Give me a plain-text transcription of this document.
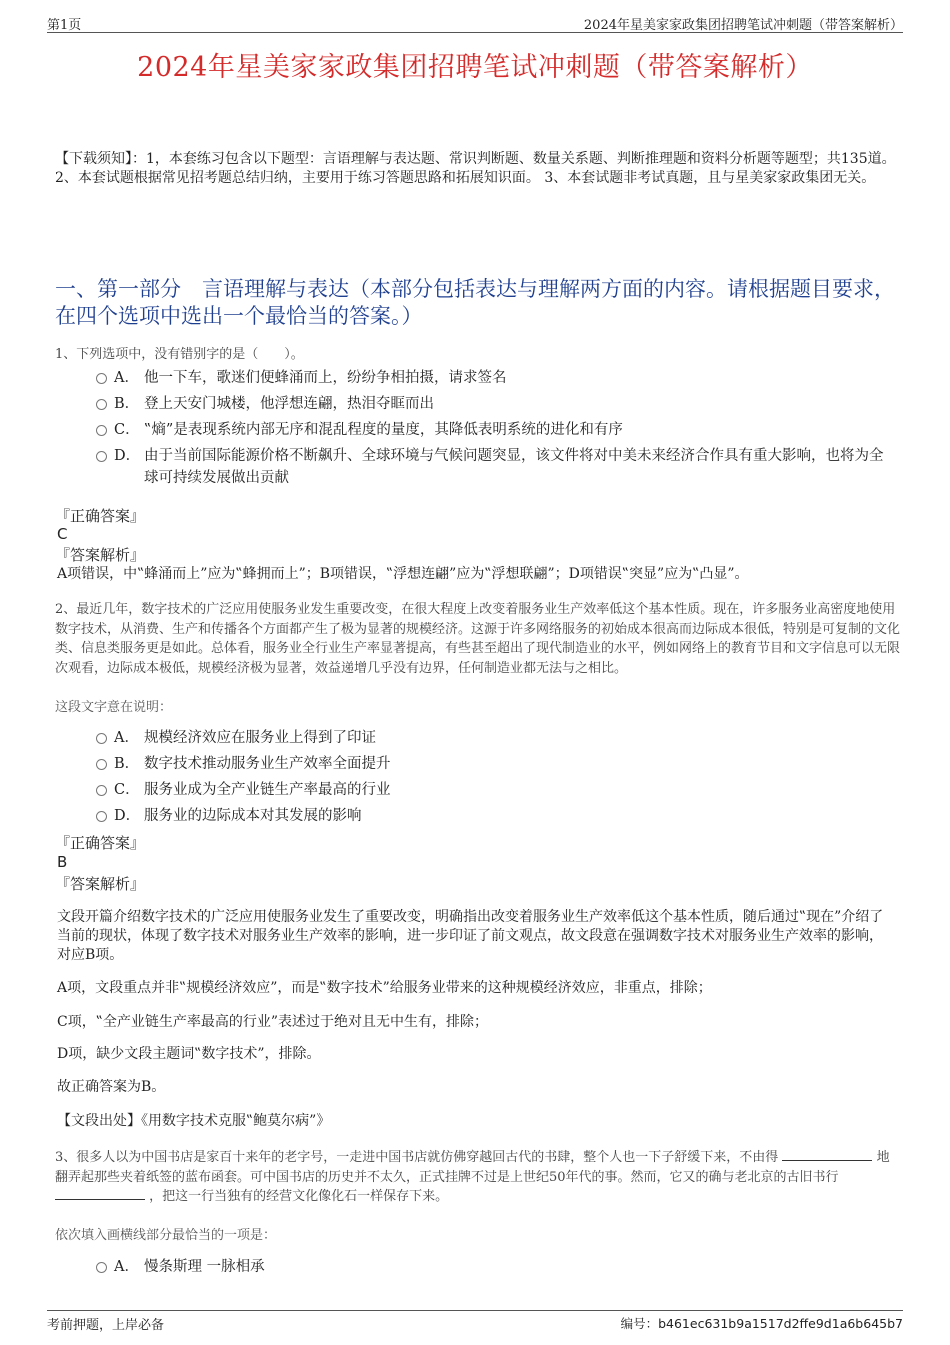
第1页	2024年星美家家政集团招聘笔试冲刺题（带答案解析）
2024年星美家家政集团招聘笔试冲刺题（带答案解析）
【下载须知】：1，本套练习包含以下题型：言语理解与表达题、常识判断题、数量关系题、判断推理题和资料分析题等题型；共135道。 2、本套试题根据常见招考题总结归纳，主要用于练习答题思路和拓展知识面。 3、本套试题非考试真题，且与星美家家政集团无关。
一、第一部分　言语理解与表达（本部分包括表达与理解两方面的内容。请根据题目要求，在四个选项中选出一个最恰当的答案。）
1、下列选项中，没有错别字的是（　　）。
A． 他一下车，歌迷们便蜂涌而上，纷纷争相拍摄，请求签名
B． 登上天安门城楼，他浮想连翩，热泪夺眶而出
C． ‟熵”是表现系统内部无序和混乱程度的量度，其降低表明系统的进化和有序
D． 由于当前国际能源价格不断飙升、全球环境与气候问题突显，该文件将对中美未来经济合作具有重大影响，也将为全球可持续发展做出贡献
『正确答案』
C
『答案解析』
A项错误，中‟蜂涌而上”应为‟蜂拥而上”；B项错误，‟浮想连翩”应为‟浮想联翩”；D项错误‟突显”应为‟凸显”。
2、最近几年，数字技术的广泛应用使服务业发生重要改变，在很大程度上改变着服务业生产效率低这个基本性质。现在，许多服务业高密度地使用数字技术，从消费、生产和传播各个方面都产生了极为显著的规模经济。这源于许多网络服务的初始成本很高而边际成本很低，特别是可复制的文化类、信息类服务更是如此。总体看，服务业全行业生产率显著提高，有些甚至超出了现代制造业的水平，例如网络上的教育节目和文字信息可以无限次观看，边际成本极低，规模经济极为显著，效益递增几乎没有边界，任何制造业都无法与之相比。
这段文字意在说明：
A． 规模经济效应在服务业上得到了印证
B． 数字技术推动服务业生产效率全面提升
C． 服务业成为全产业链生产率最高的行业
D． 服务业的边际成本对其发展的影响
『正确答案』
B
『答案解析』
文段开篇介绍数字技术的广泛应用使服务业发生了重要改变，明确指出改变着服务业生产效率低这个基本性质，随后通过‟现在”介绍了当前的现状，体现了数字技术对服务业生产效率的影响，进一步印证了前文观点，故文段意在强调数字技术对服务业生产效率的影响，对应B项。
A项，文段重点并非‟规模经济效应”，而是‟数字技术”给服务业带来的这种规模经济效应，非重点，排除；
C项，‟全产业链生产率最高的行业”表述过于绝对且无中生有，排除；
D项，缺少文段主题词‟数字技术”，排除。
故正确答案为B。
【文段出处】《用数字技术克服‟鲍莫尔病”》
3、很多人以为中国书店是家百十来年的老字号，一走进中国书店就仿佛穿越回古代的书肆，整个人也一下子舒缓下来，不由得	地翻弄起那些夹着纸签的蓝布函套。可中国书店的历史并不太久，正式挂牌不过是上世纪50年代的事。然而，它又的确与老北京的古旧书行  ，把这一行当独有的经营文化像化石一样保存下来。
依次填入画横线部分最恰当的一项是：
A． 慢条斯理 一脉相承
考前押题，上岸必备	编号：b461ec631b9a1517d2ffe9d1a6b645b7
